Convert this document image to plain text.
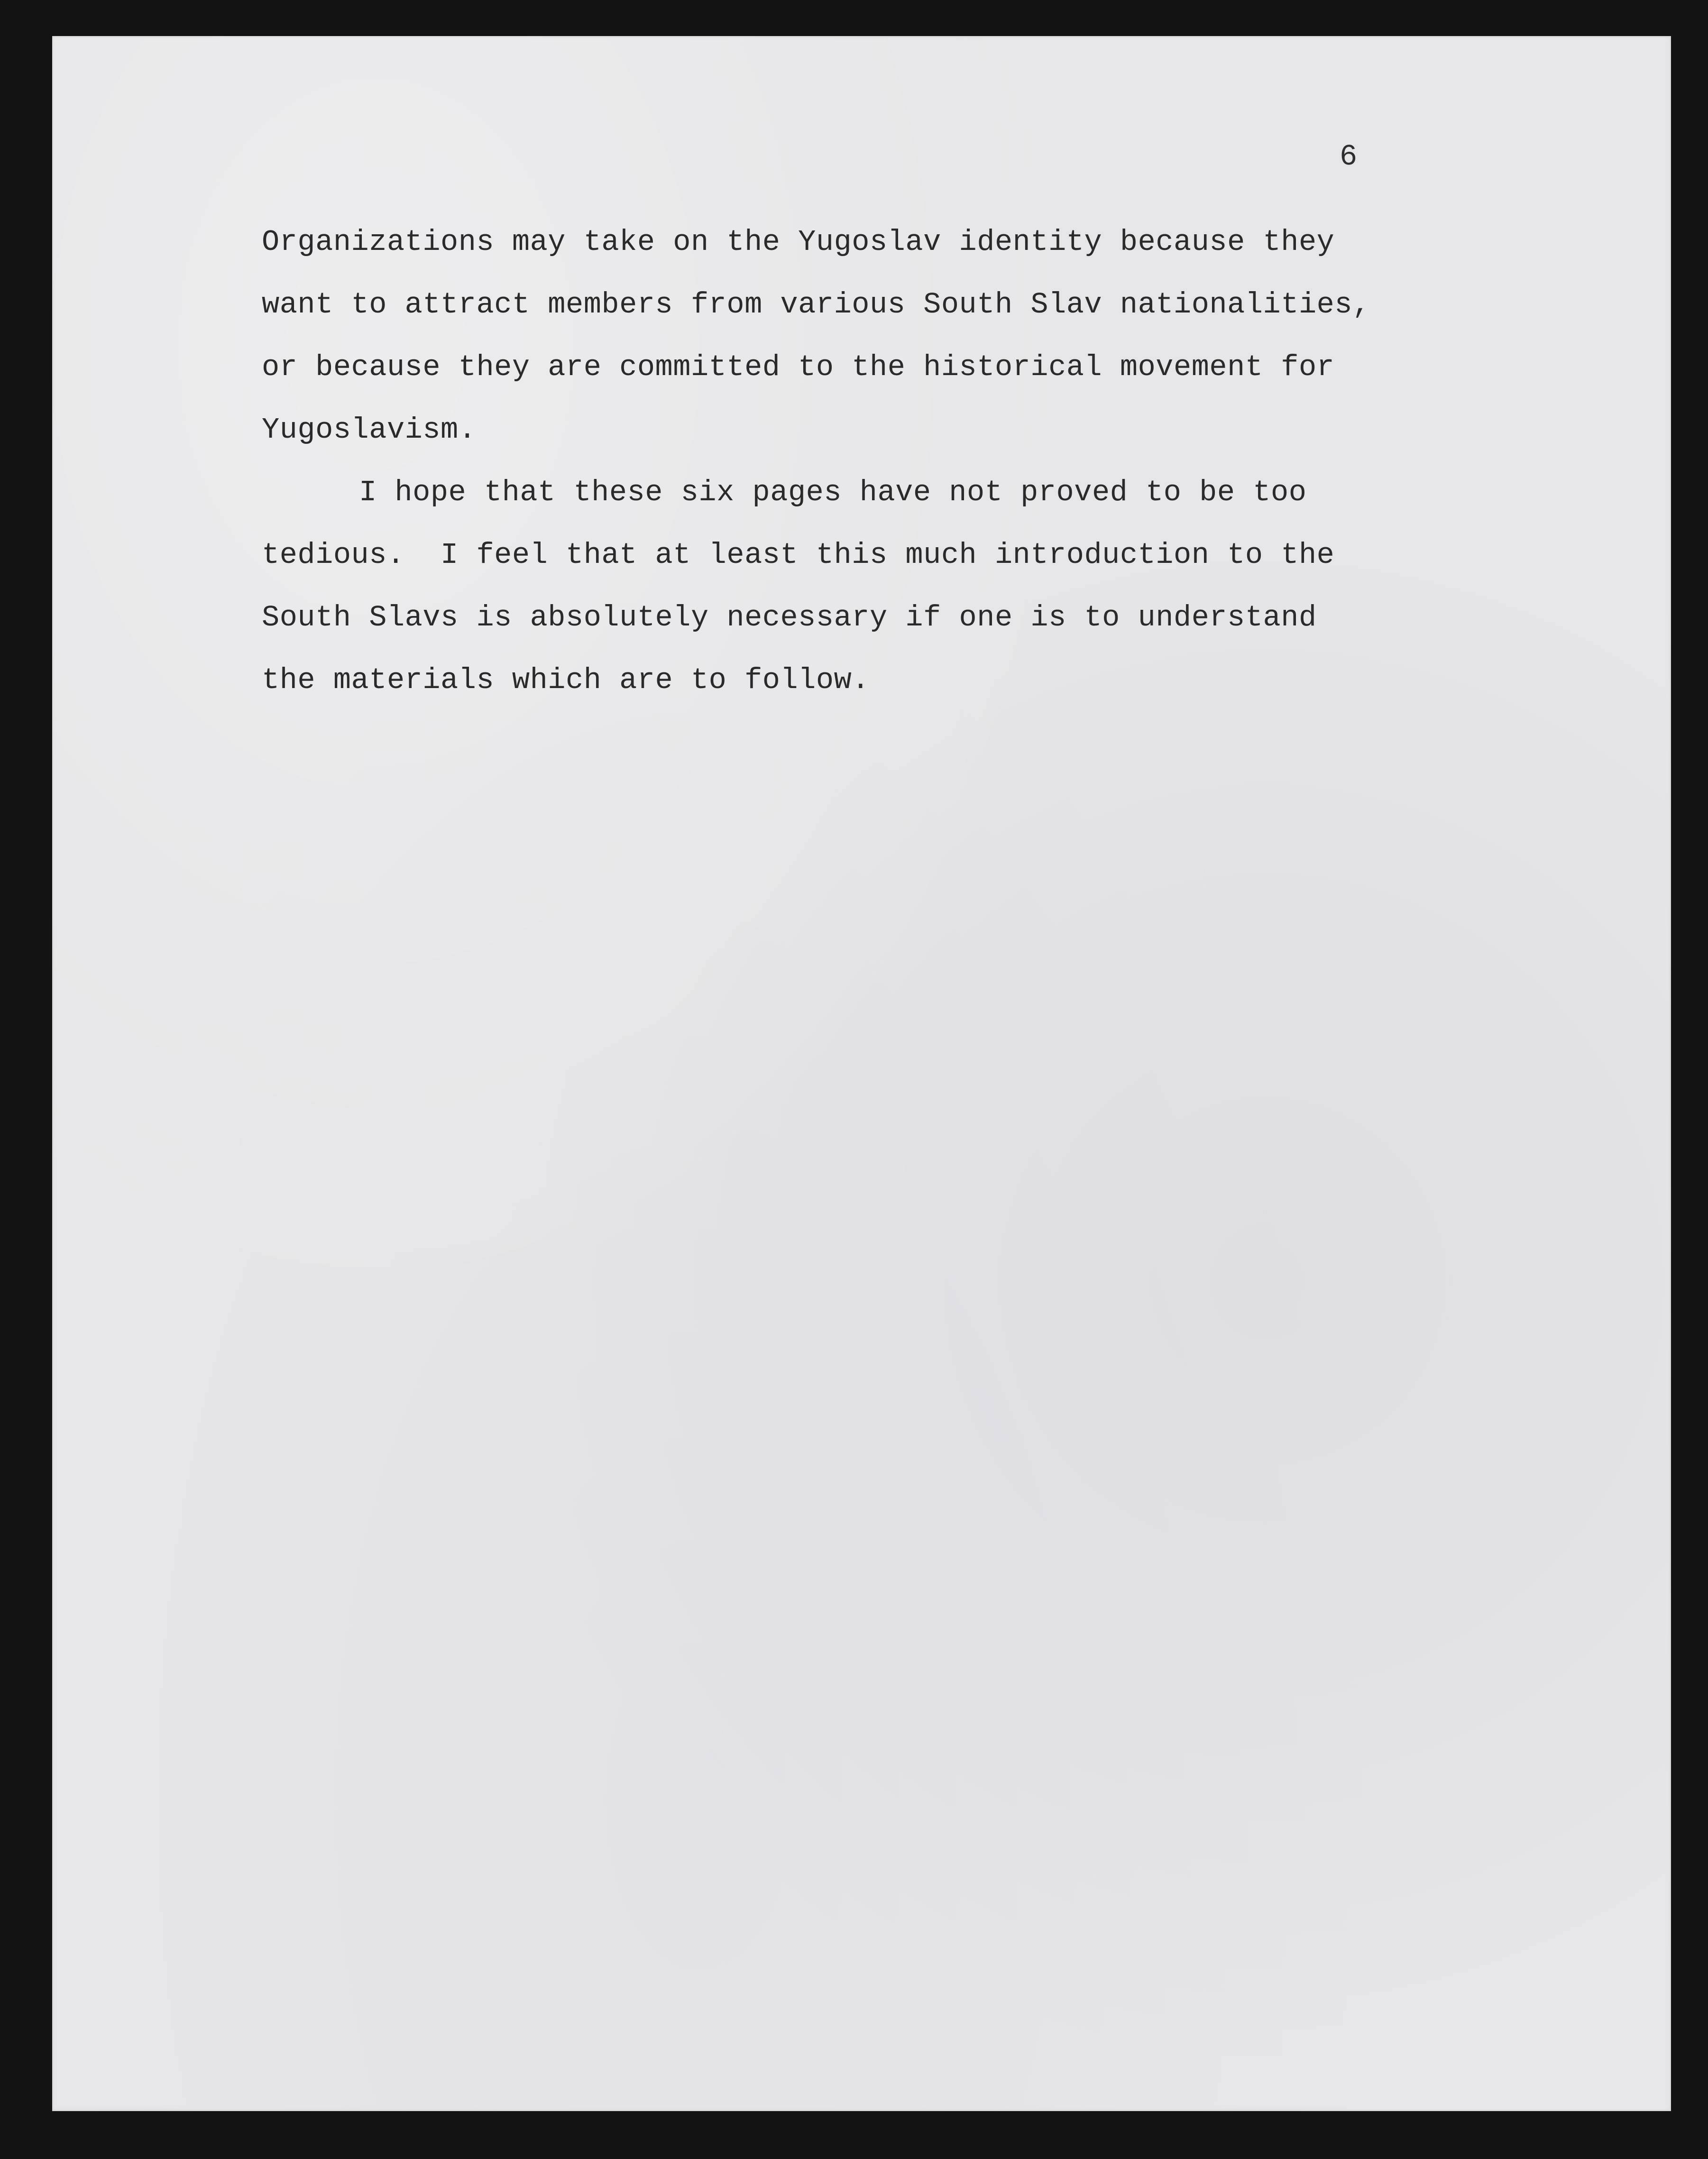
6

Organizations may take on the Yugoslav identity because they

want to attract members from various South Slav nationalities,

or because they are committed to the historical movement for

Yugoslavism.

I hope that these six pages have not proved to be too

tedious.  I feel that at least this much introduction to the

South Slavs is absolutely necessary if one is to understand

the materials which are to follow.
